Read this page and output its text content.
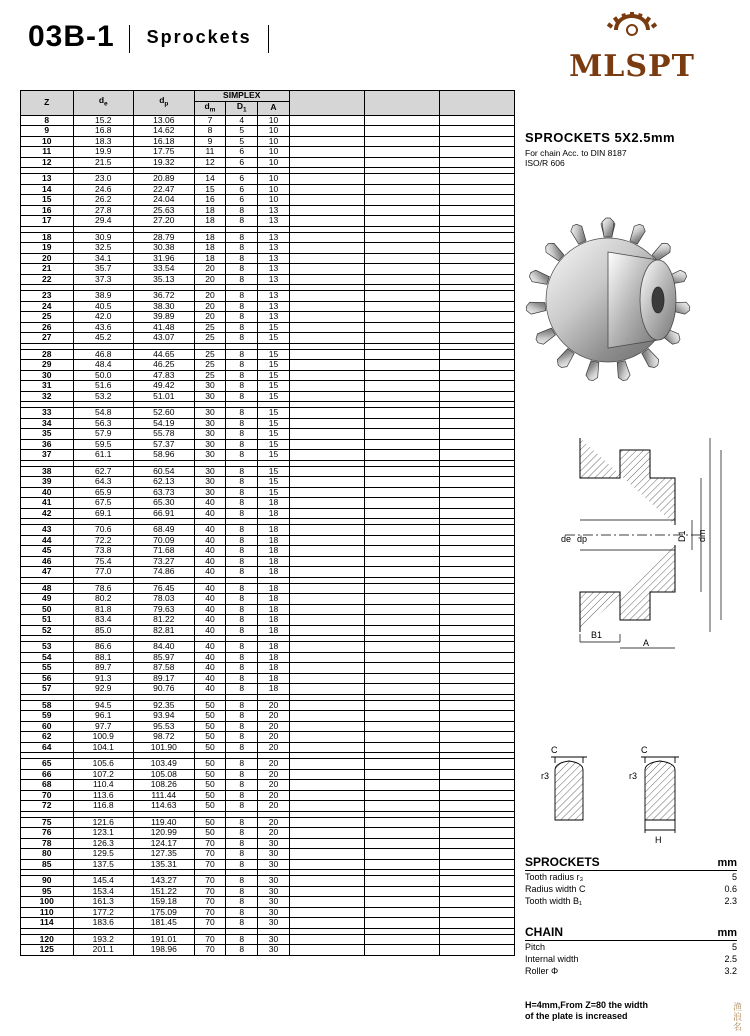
03B-1 Sprockets
MLSPT
Z	$d_e$	$d_p$	SIMPLEX					
			$d_m$	$D_1$	A			
8	15.2	13.06	7	4	10			
9	16.8	14.62	8	5	10			
10	18.3	16.18	9	5	10			
11	19.9	17.75	11	6	10			
12	21.5	19.32	12	6	10			

13	23.0	20.89	14	6	10			
14	24.6	22.47	15	6	10			
15	26.2	24.04	16	6	10			
16	27.8	25.63	18	8	13			
17	29.4	27.20	18	8	13			

18	30.9	28.79	18	8	13			
19	32.5	30.38	18	8	13			
20	34.1	31.96	18	8	13			
21	35.7	33.54	20	8	13			
22	37.3	35.13	20	8	13			

23	38.9	36.72	20	8	13			
24	40.5	38.30	20	8	13			
25	42.0	39.89	20	8	13			
26	43.6	41.48	25	8	15			
27	45.2	43.07	25	8	15			

28	46.8	44.65	25	8	15			
29	48.4	46.25	25	8	15			
30	50.0	47.83	25	8	15			
31	51.6	49.42	30	8	15			
32	53.2	51.01	30	8	15			

33	54.8	52.60	30	8	15			
34	56.3	54.19	30	8	15			
35	57.9	55.78	30	8	15			
36	59.5	57.37	30	8	15			
37	61.1	58.96	30	8	15			

38	62.7	60.54	30	8	15			
39	64.3	62.13	30	8	15			
40	65.9	63.73	30	8	15			
41	67.5	65.30	40	8	18			
42	69.1	66.91	40	8	18			

43	70.6	68.49	40	8	18			
44	72.2	70.09	40	8	18			
45	73.8	71.68	40	8	18			
46	75.4	73.27	40	8	18			
47	77.0	74.86	40	8	18			

48	78.6	76.45	40	8	18			
49	80.2	78.03	40	8	18			
50	81.8	79.63	40	8	18			
51	83.4	81.22	40	8	18			
52	85.0	82.81	40	8	18			

53	86.6	84.40	40	8	18			
54	88.1	85.97	40	8	18			
55	89.7	87.58	40	8	18			
56	91.3	89.17	40	8	18			
57	92.9	90.76	40	8	18			

58	94.5	92.35	50	8	20			
59	96.1	93.94	50	8	20			
60	97.7	95.53	50	8	20			
62	100.9	98.72	50	8	20			
64	104.1	101.90	50	8	20			

65	105.6	103.49	50	8	20			
66	107.2	105.08	50	8	20			
68	110.4	108.26	50	8	20			
70	113.6	111.44	50	8	20			
72	116.8	114.63	50	8	20			

75	121.6	119.40	50	8	20			
76	123.1	120.99	50	8	20			
78	126.3	124.17	70	8	30			
80	129.5	127.35	70	8	30			
85	137.5	135.31	70	8	30			

90	145.4	143.27	70	8	30			
95	153.4	151.22	70	8	30			
100	161.3	159.18	70	8	30			
110	177.2	175.09	70	8	30			
114	183.6	181.45	70	8	30			

120	193.2	191.01	70	8	30			
125	201.1	198.96	70	8	30			
SPROCKETS 5X2.5mm
For chain Acc. to DIN 8187
ISO/R 606
de dp	D1 dm
B1
A
C	C
r3	r3
H
SPROCKETS	mm
Tooth radius r₃	5
Radius width C	0.6
Tooth width B₁	2.3
CHAIN	mm
Pitch	5
Internal width	2.5
Roller Φ	3.2
H=4mm,From Z=80 the width
of the plate is increased	渔浪名
